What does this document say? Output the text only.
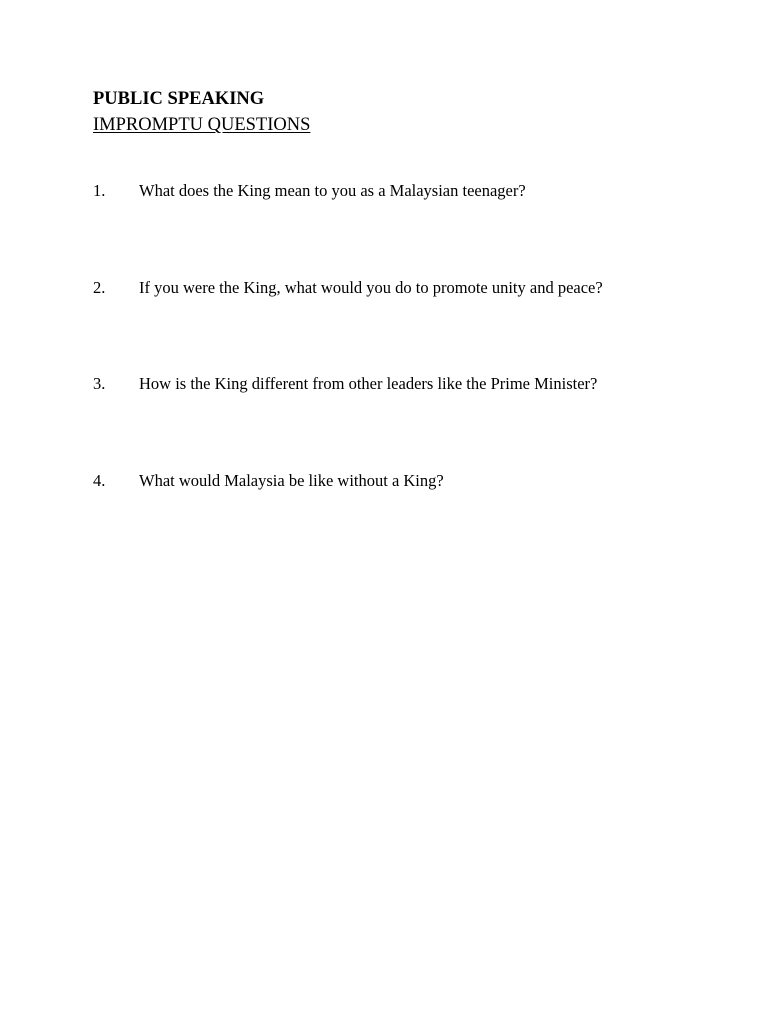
PUBLIC SPEAKING
IMPROMPTU QUESTIONS
1. What does the King mean to you as a Malaysian teenager?
2. If you were the King, what would you do to promote unity and peace?
3. How is the King different from other leaders like the Prime Minister?
4. What would Malaysia be like without a King?
